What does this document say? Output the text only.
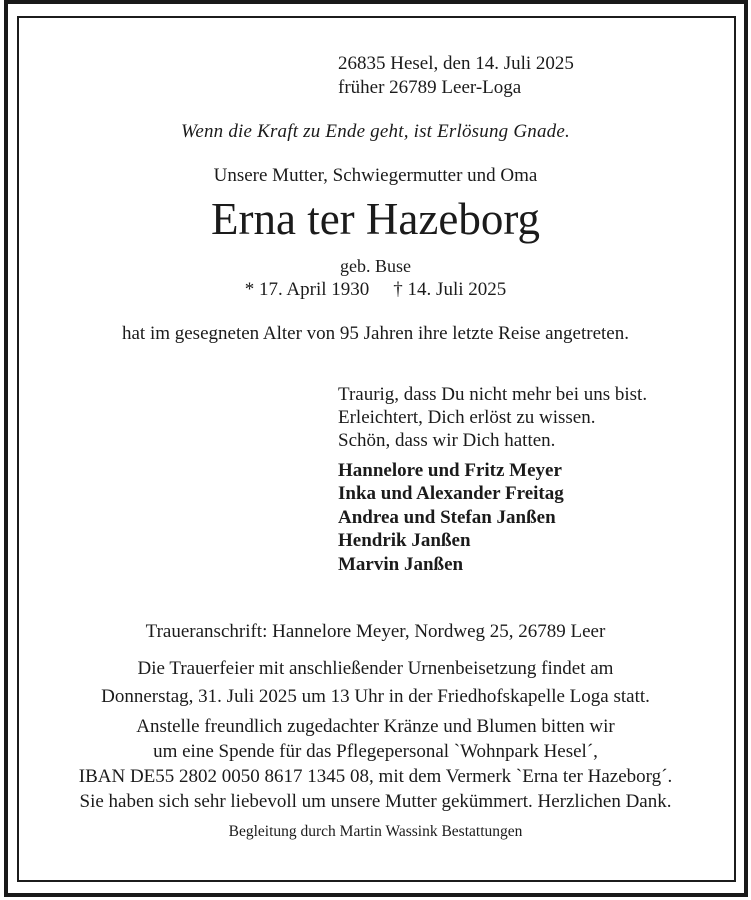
26835 Hesel, den 14. Juli 2025
früher 26789 Leer-Loga
Wenn die Kraft zu Ende geht, ist Erlösung Gnade.
Unsere Mutter, Schwiegermutter und Oma
Erna ter Hazeborg
geb. Buse
* 17. April 1930 † 14. Juli 2025
hat im gesegneten Alter von 95 Jahren ihre letzte Reise angetreten.
Traurig, dass Du nicht mehr bei uns bist.
Erleichtert, Dich erlöst zu wissen.
Schön, dass wir Dich hatten.
Hannelore und Fritz Meyer
Inka und Alexander Freitag
Andrea und Stefan Janßen
Hendrik Janßen
Marvin Janßen
Traueranschrift: Hannelore Meyer, Nordweg 25, 26789 Leer
Die Trauerfeier mit anschließender Urnenbeisetzung findet am
Donnerstag, 31. Juli 2025 um 13 Uhr in der Friedhofskapelle Loga statt.
Anstelle freundlich zugedachter Kränze und Blumen bitten wir
um eine Spende für das Pflegepersonal `Wohnpark Hesel´,
IBAN DE55 2802 0050 8617 1345 08, mit dem Vermerk `Erna ter Hazeborg´.
Sie haben sich sehr liebevoll um unsere Mutter gekümmert. Herzlichen Dank.
Begleitung durch Martin Wassink Bestattungen
